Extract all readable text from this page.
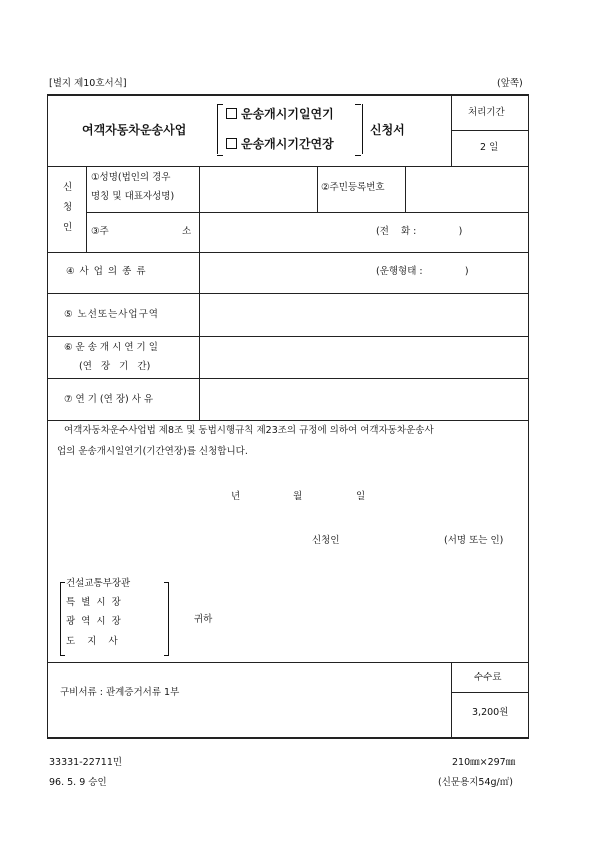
[별지 제10호서식]	(앞쪽)
여객자동차운송사업
운송개시기일연기
운송개시기간연장
신청서
처리기간
2 일
신
청
인
①성명(법인의 경우
명칭 및 대표자성명)
②주민등록번호
③주	소	(전    화 :              )
④ 사 업 의 종 류	(운행형태 :              )
⑤ 노선또는사업구역
⑥ 운 송 개 시 연 기 일
(연   장   기   간)
⑦ 연 기 (연 장) 사 유
여객자동차운수사업법 제8조 및 동법시행규칙 제23조의 규정에 의하여 여객자동차운송사
업의 운송개시일연기(기간연장)를 신청합니다.
년	월	일
신청인	(서명 또는 인)
건설교통부장관
특  별  시  장
광  역  시  장
도    지    사
귀하
구비서류 : 관계증거서류 1부
수수료
3,200원
33331-22711민
96. 5. 9 승인
210㎜×297㎜
(신문용지54g/㎡)
